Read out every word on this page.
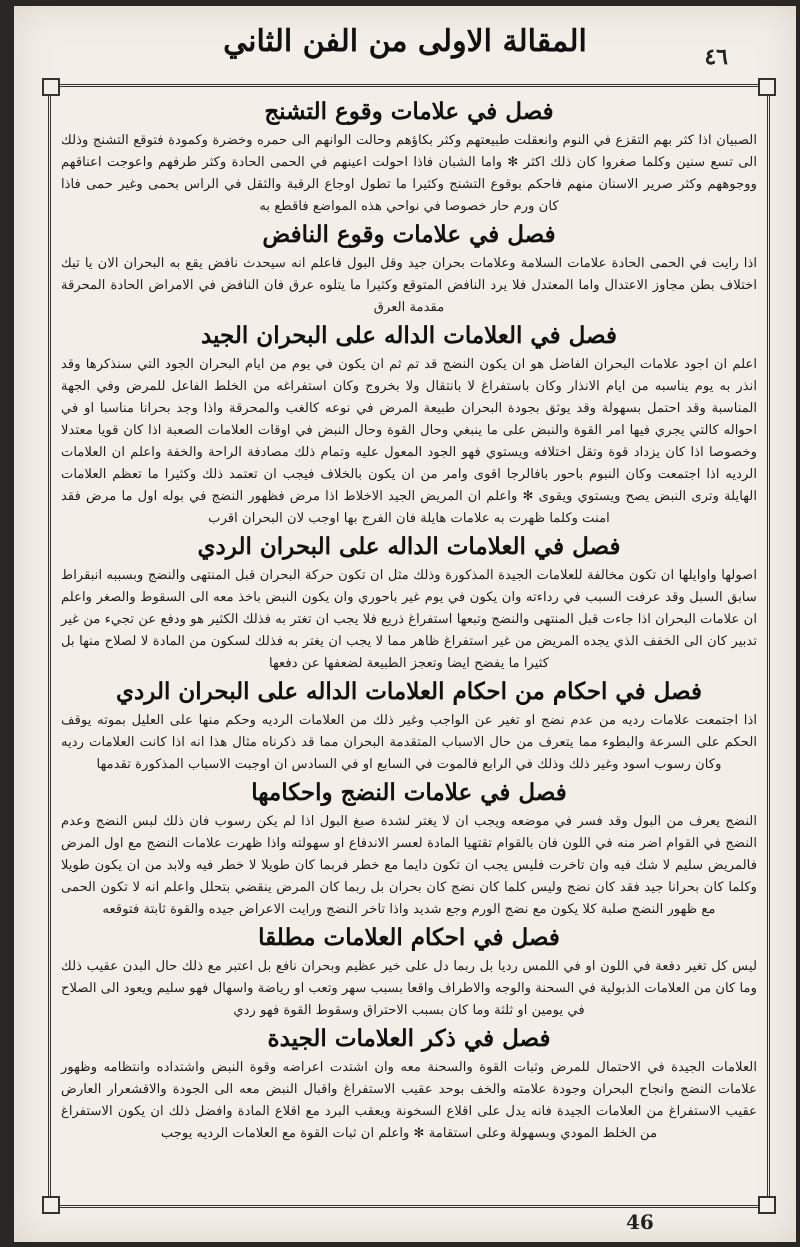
٤٦
المقالة الاولى من الفن الثاني
فصل في علامات وقوع التشنج

الصبيان اذا كثر بهم التقزع في النوم وانعقلت طبيعتهم وكثر بكاؤهم وحالت الوانهم الى حمره وخضرة وكمودة فتوقع التشنج وذلك الى تسع سنين وكلما صغروا كان ذلك اكثر ✻ واما الشبان فاذا احولت اعينهم في الحمى الحادة وكثر طرفهم واعوجت اعناقهم ووجوههم وكثر صرير الاسنان منهم فاحكم بوقوع التشنج وكثيرا ما تطول اوجاع الرقبة والثقل في الراس بحمى وغير حمى فاذا كان ورم حار خصوصا في نواحي هذه المواضع فاقطع به

فصل في علامات وقوع النافض

اذا رايت في الحمى الحادة علامات السلامة وعلامات بحران جيد وقل البول فاعلم انه سيحدث نافض يقع به البحران الان يا تيك اختلاف بطن مجاوز الاعتدال واما المعتدل فلا يرد النافض المتوقع وكثيرا ما يتلوه عرق فان النافض في الامراض الحادة المحرقة مقدمة العرق

فصل في العلامات الداله على البحران الجيد

اعلم ان اجود علامات البحران الفاضل هو ان يكون النضج قد تم ثم ان يكون في يوم من ايام البحران الجود التي سنذكرها وقد انذر به يوم يناسبه من ايام الانذار وكان باستفراغ لا بانتقال ولا بخروج وكان استفراغه من الخلط الفاعل للمرض وفي الجهة المناسبة وقد احتمل بسهولة وقد يوثق بجودة البحران طبيعة المرض في نوعه كالغب والمحرقة واذا وجد بحرانا مناسبا او في احواله كالتي يجري فيها امر القوة والنبض على ما ينبغي وحال القوة وحال النبض في اوقات العلامات الصعبة اذا كان قويا معتدلا وخصوصا اذا كان يزداد قوة وتقل اختلافه ويستوي فهو الجود المعول عليه وتمام ذلك مصادفة الراحة والخفة واعلم ان العلامات الرديه اذا اجتمعت وكان النبوم باحور بافالرجا اقوى وامر من ان يكون بالخلاف فيجب ان تعتمد ذلك وكثيرا ما تعظم العلامات الهايلة وترى النبض يصح ويستوي ويقوى ✻ واعلم ان المريض الجيد الاخلاط اذا مرض فظهور النضج في بوله اول ما مرض فقد امنت وكلما ظهرت به علامات هايلة فان الفرج بها اوجب لان البحران اقرب

فصل في العلامات الداله على البحران الردي

اصولها واوايلها ان تكون مخالفة للعلامات الجيدة المذكورة وذلك مثل ان تكون حركة البحران قبل المنتهى والنضج وبسببه انبقراط سابق السبل وقد عرفت السبب في رداءته وان يكون في يوم غير باحوري وان يكون النبض باخذ معه الى السقوط والصغر واعلم ان علامات البحران اذا جاءت قبل المنتهى والنضج وتبعها استفراغ ذريع فلا يجب ان تغتر به فذلك الكثير هو ودفع عن تجيء من غير تدبير كان الى الخفف الذي يجده المريض من غير استفراغ ظاهر مما لا يجب ان يغتر به فذلك لسكون من المادة لا لصلاح منها بل كثيرا ما يفضح ايضا وتعجز الطبيعة لضعفها عن دفعها

فصل في احكام من احكام العلامات الداله على البحران الردي

اذا اجتمعت علامات رديه من عدم نضج او تغير عن الواجب وغير ذلك من العلامات الرديه وحكم منها على العليل بموته يوقف الحكم على السرعة والبطوء مما يتعرف من حال الاسباب المتقدمة البحران مما قد ذكرناه مثال هذا انه اذا كانت العلامات رديه وكان رسوب اسود وغير ذلك وذلك في الرابع فالموت في السابع او في السادس ان اوجبت الاسباب المذكورة تقدمها

فصل في علامات النضج واحكامها

النضج يعرف من البول وقد فسر في موضعه ويجب ان لا يغتر لشدة صبغ البول اذا لم يكن رسوب فان ذلك لبس النضج وعدم النضج في القوام اضر منه في اللون فان بالقوام تقتهيا المادة لعسر الاندفاع او سهولته واذا ظهرت علامات النضج مع اول المرض فالمريض سليم لا شك فيه وان تاخرت فليس يجب ان تكون دايما مع خطر فربما كان طويلا لا خطر فيه ولابد من ان يكون طويلا وكلما كان بحرانا جيد فقد كان نضج وليس كلما كان نضج كان بحران بل ربما كان المرض ينقضي بتحلل واعلم انه لا تكون الحمى مع ظهور النضج صلبة كلا يكون مع نضج الورم وجع شديد واذا تاخر النضج ورايت الاعراض جيده والقوة ثابتة فتوقعه

فصل في احكام العلامات مطلقا

ليس كل تغير دفعة في اللون او في اللمس رديا بل ربما دل على خير عظيم وبحران نافع بل اعتبر مع ذلك حال البدن عقيب ذلك وما كان من العلامات الذبولية في السحنة والوجه والاطراف واقعا بسبب سهر وتعب او رياضة واسهال فهو سليم ويعود الى الصلاح في يومين او ثلثة وما كان بسبب الاحتراق وسقوط القوة فهو ردي

فصل في ذكر العلامات الجيدة

العلامات الجيدة في الاحتمال للمرض وثبات القوة والسحنة معه وان اشتدت اعراضه وقوة النبض واشتداده وانتظامه وظهور علامات النضج وانجاح البحران وجودة علامته والخف بوحد عقيب الاستفراغ واقبال النبض معه الى الجودة والاقشعرار العارض عقيب الاستفراغ من العلامات الجيدة فانه يدل على اقلاع السخونة ويعقب البرد مع اقلاع المادة وافضل ذلك ان يكون الاستفراغ من الخلط المودي وبسهولة وعلى استقامة ✻ واعلم ان ثبات القوة مع العلامات الرديه يوجب

46
